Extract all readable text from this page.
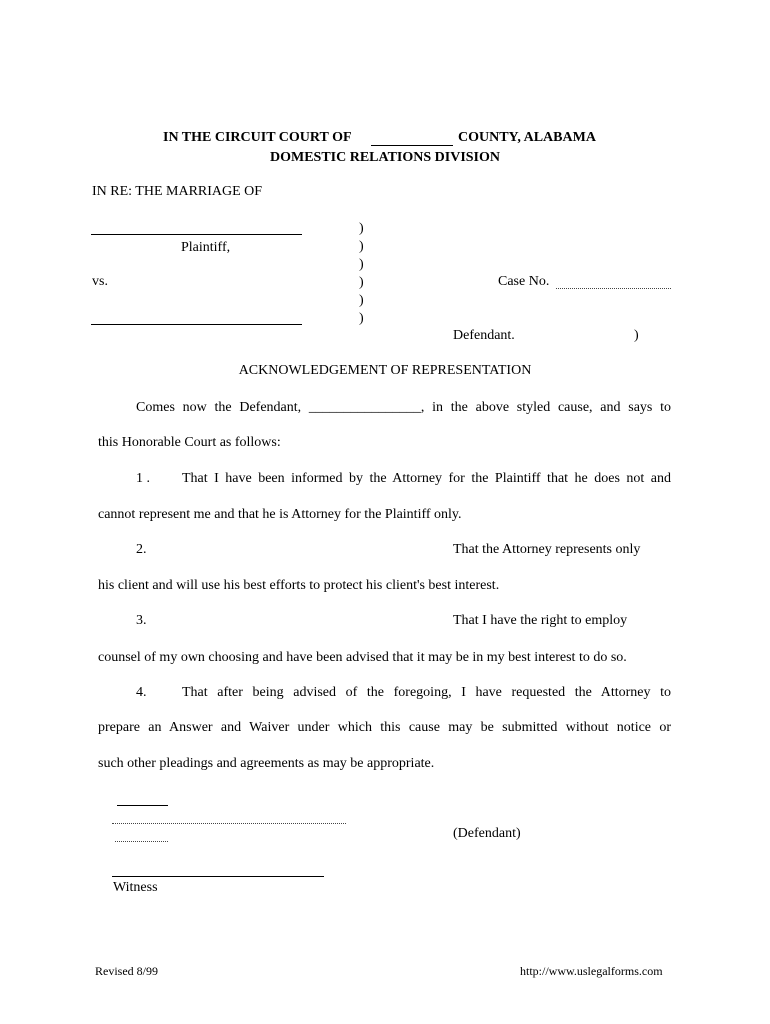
IN THE CIRCUIT COURT OF	COUNTY, ALABAMA
DOMESTIC RELATIONS DIVISION
IN RE: THE MARRIAGE OF
Plaintiff,
)
)
)
)
)
)
vs.	Case No.
Defendant.	)
ACKNOWLEDGEMENT OF REPRESENTATION
Comes now the Defendant, ________________, in the above styled cause, and says to
this Honorable Court as follows:
1 . That I have been informed by the Attorney for the Plaintiff that he does not and
cannot represent me and that he is Attorney for the Plaintiff only.
2.	That the Attorney represents only
his client and will use his best efforts to protect his client's best interest.
3.	That I have the right to employ
counsel of my own choosing and have been advised that it may be in my best interest to do so.
4.	That after being advised of the foregoing, I have requested the Attorney to
prepare an Answer and Waiver under which this cause may be submitted without notice or
such other pleadings and agreements as may be appropriate.
(Defendant)
Witness
Revised 8/99	http://www.uslegalforms.com
